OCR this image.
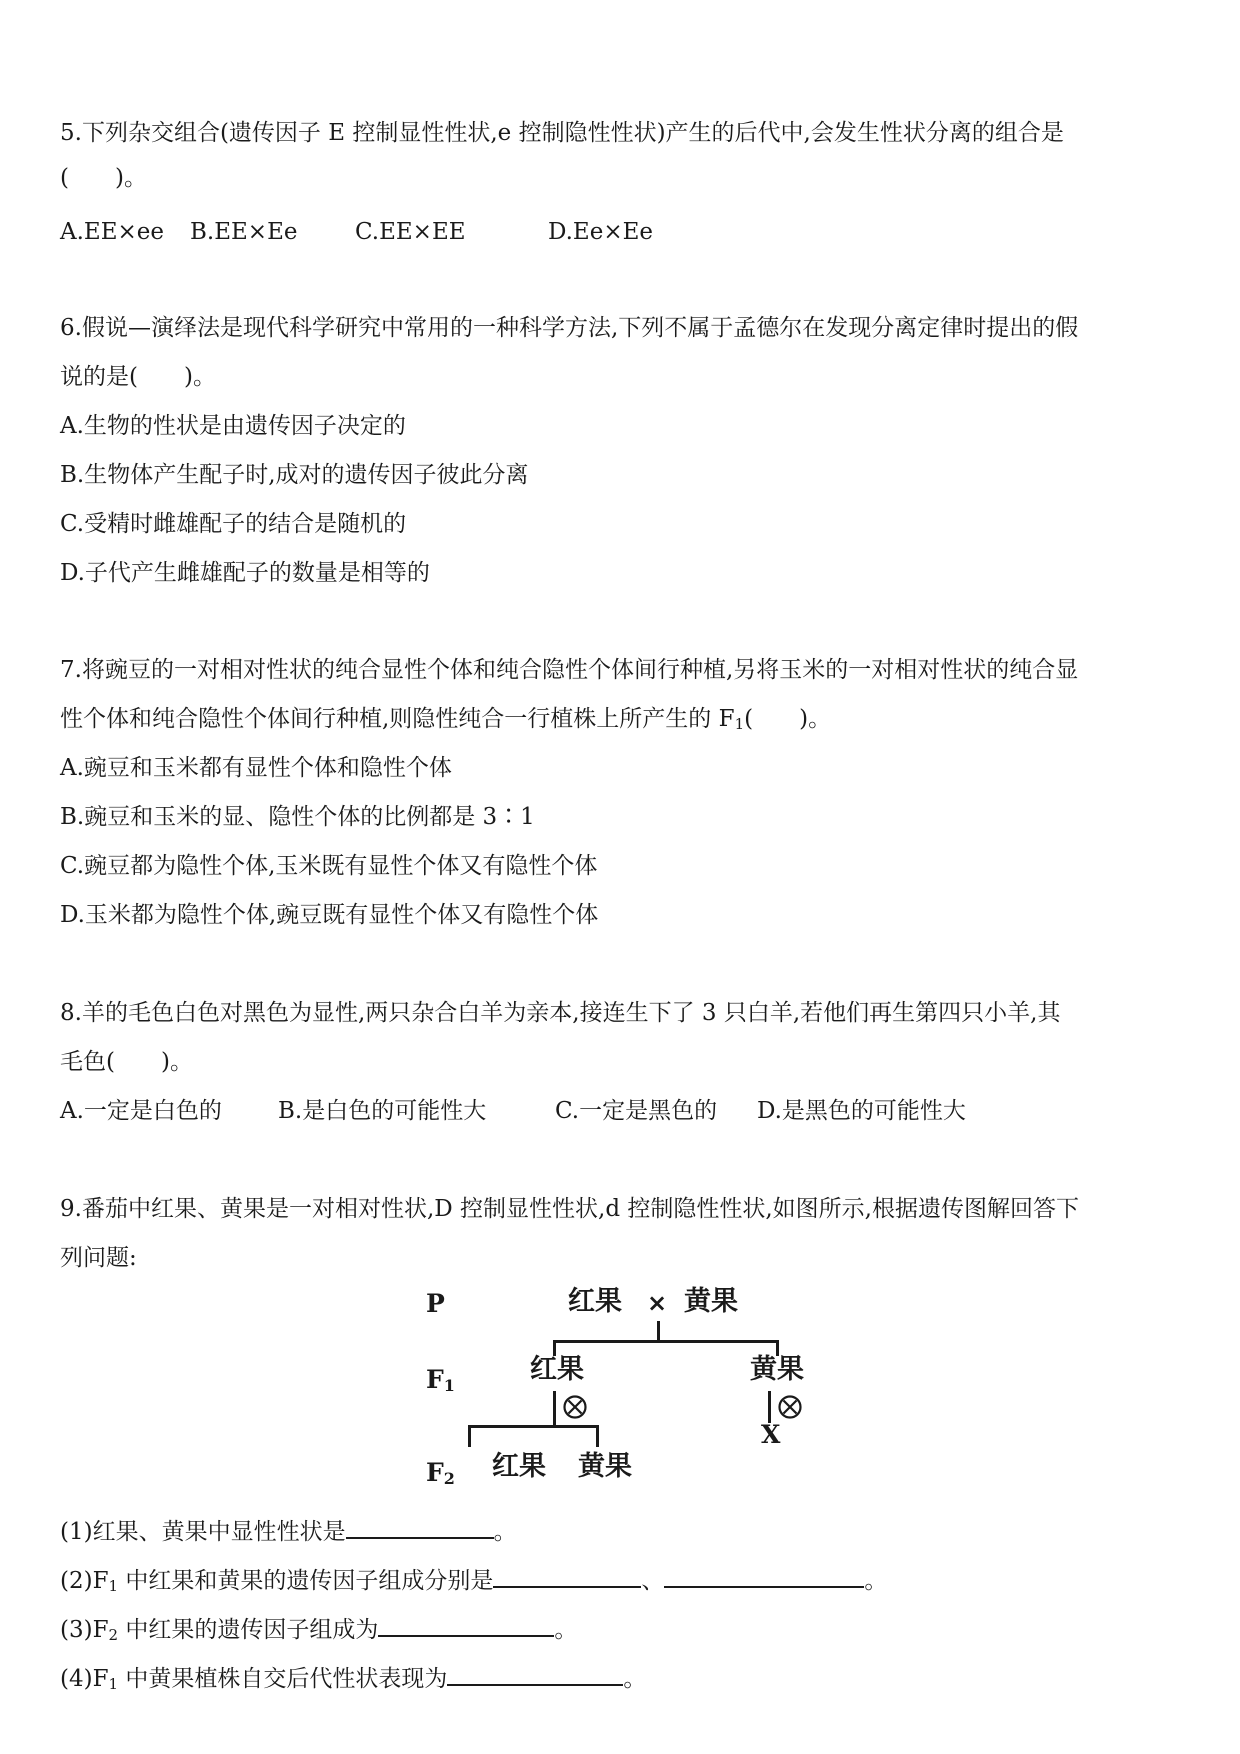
5.下列杂交组合(遗传因子 E 控制显性性状,e 控制隐性性状)产生的后代中,会发生性状分离的组合是
(　　)。
A.EE×ee B.EE×Ee	C.EE×EE	D.Ee×Ee
6.假说—演绎法是现代科学研究中常用的一种科学方法,下列不属于孟德尔在发现分离定律时提出的假
说的是(　　)。
A.生物的性状是由遗传因子决定的
B.生物体产生配子时,成对的遗传因子彼此分离
C.受精时雌雄配子的结合是随机的
D.子代产生雌雄配子的数量是相等的
7.将豌豆的一对相对性状的纯合显性个体和纯合隐性个体间行种植,另将玉米的一对相对性状的纯合显
性个体和纯合隐性个体间行种植,则隐性纯合一行植株上所产生的 $F_1$(　　)。
A.豌豆和玉米都有显性个体和隐性个体
B.豌豆和玉米的显、隐性个体的比例都是 3∶1
C.豌豆都为隐性个体,玉米既有显性个体又有隐性个体
D.玉米都为隐性个体,豌豆既有显性个体又有隐性个体
8.羊的毛色白色对黑色为显性,两只杂合白羊为亲本,接连生下了 3 只白羊,若他们再生第四只小羊,其
毛色(　　)。
A.一定是白色的 B.是白色的可能性大	C.一定是黑色的 D.是黑色的可能性大
9.番茄中红果、黄果是一对相对性状,D 控制显性性状,d 控制隐性性状,如图所示,根据遗传图解回答下
列问题:
P
$F_1$
$F_2$
红果 × 黄果
红果	黄果
X
红果 黄果
(1)红果、黄果中显性性状是	。
$(2)F_1$ 中红果和黄果的遗传因子组成分别是	、	。
$(3)F_2$ 中红果的遗传因子组成为	。
$(4)F_1$ 中黄果植株自交后代性状表现为	。
